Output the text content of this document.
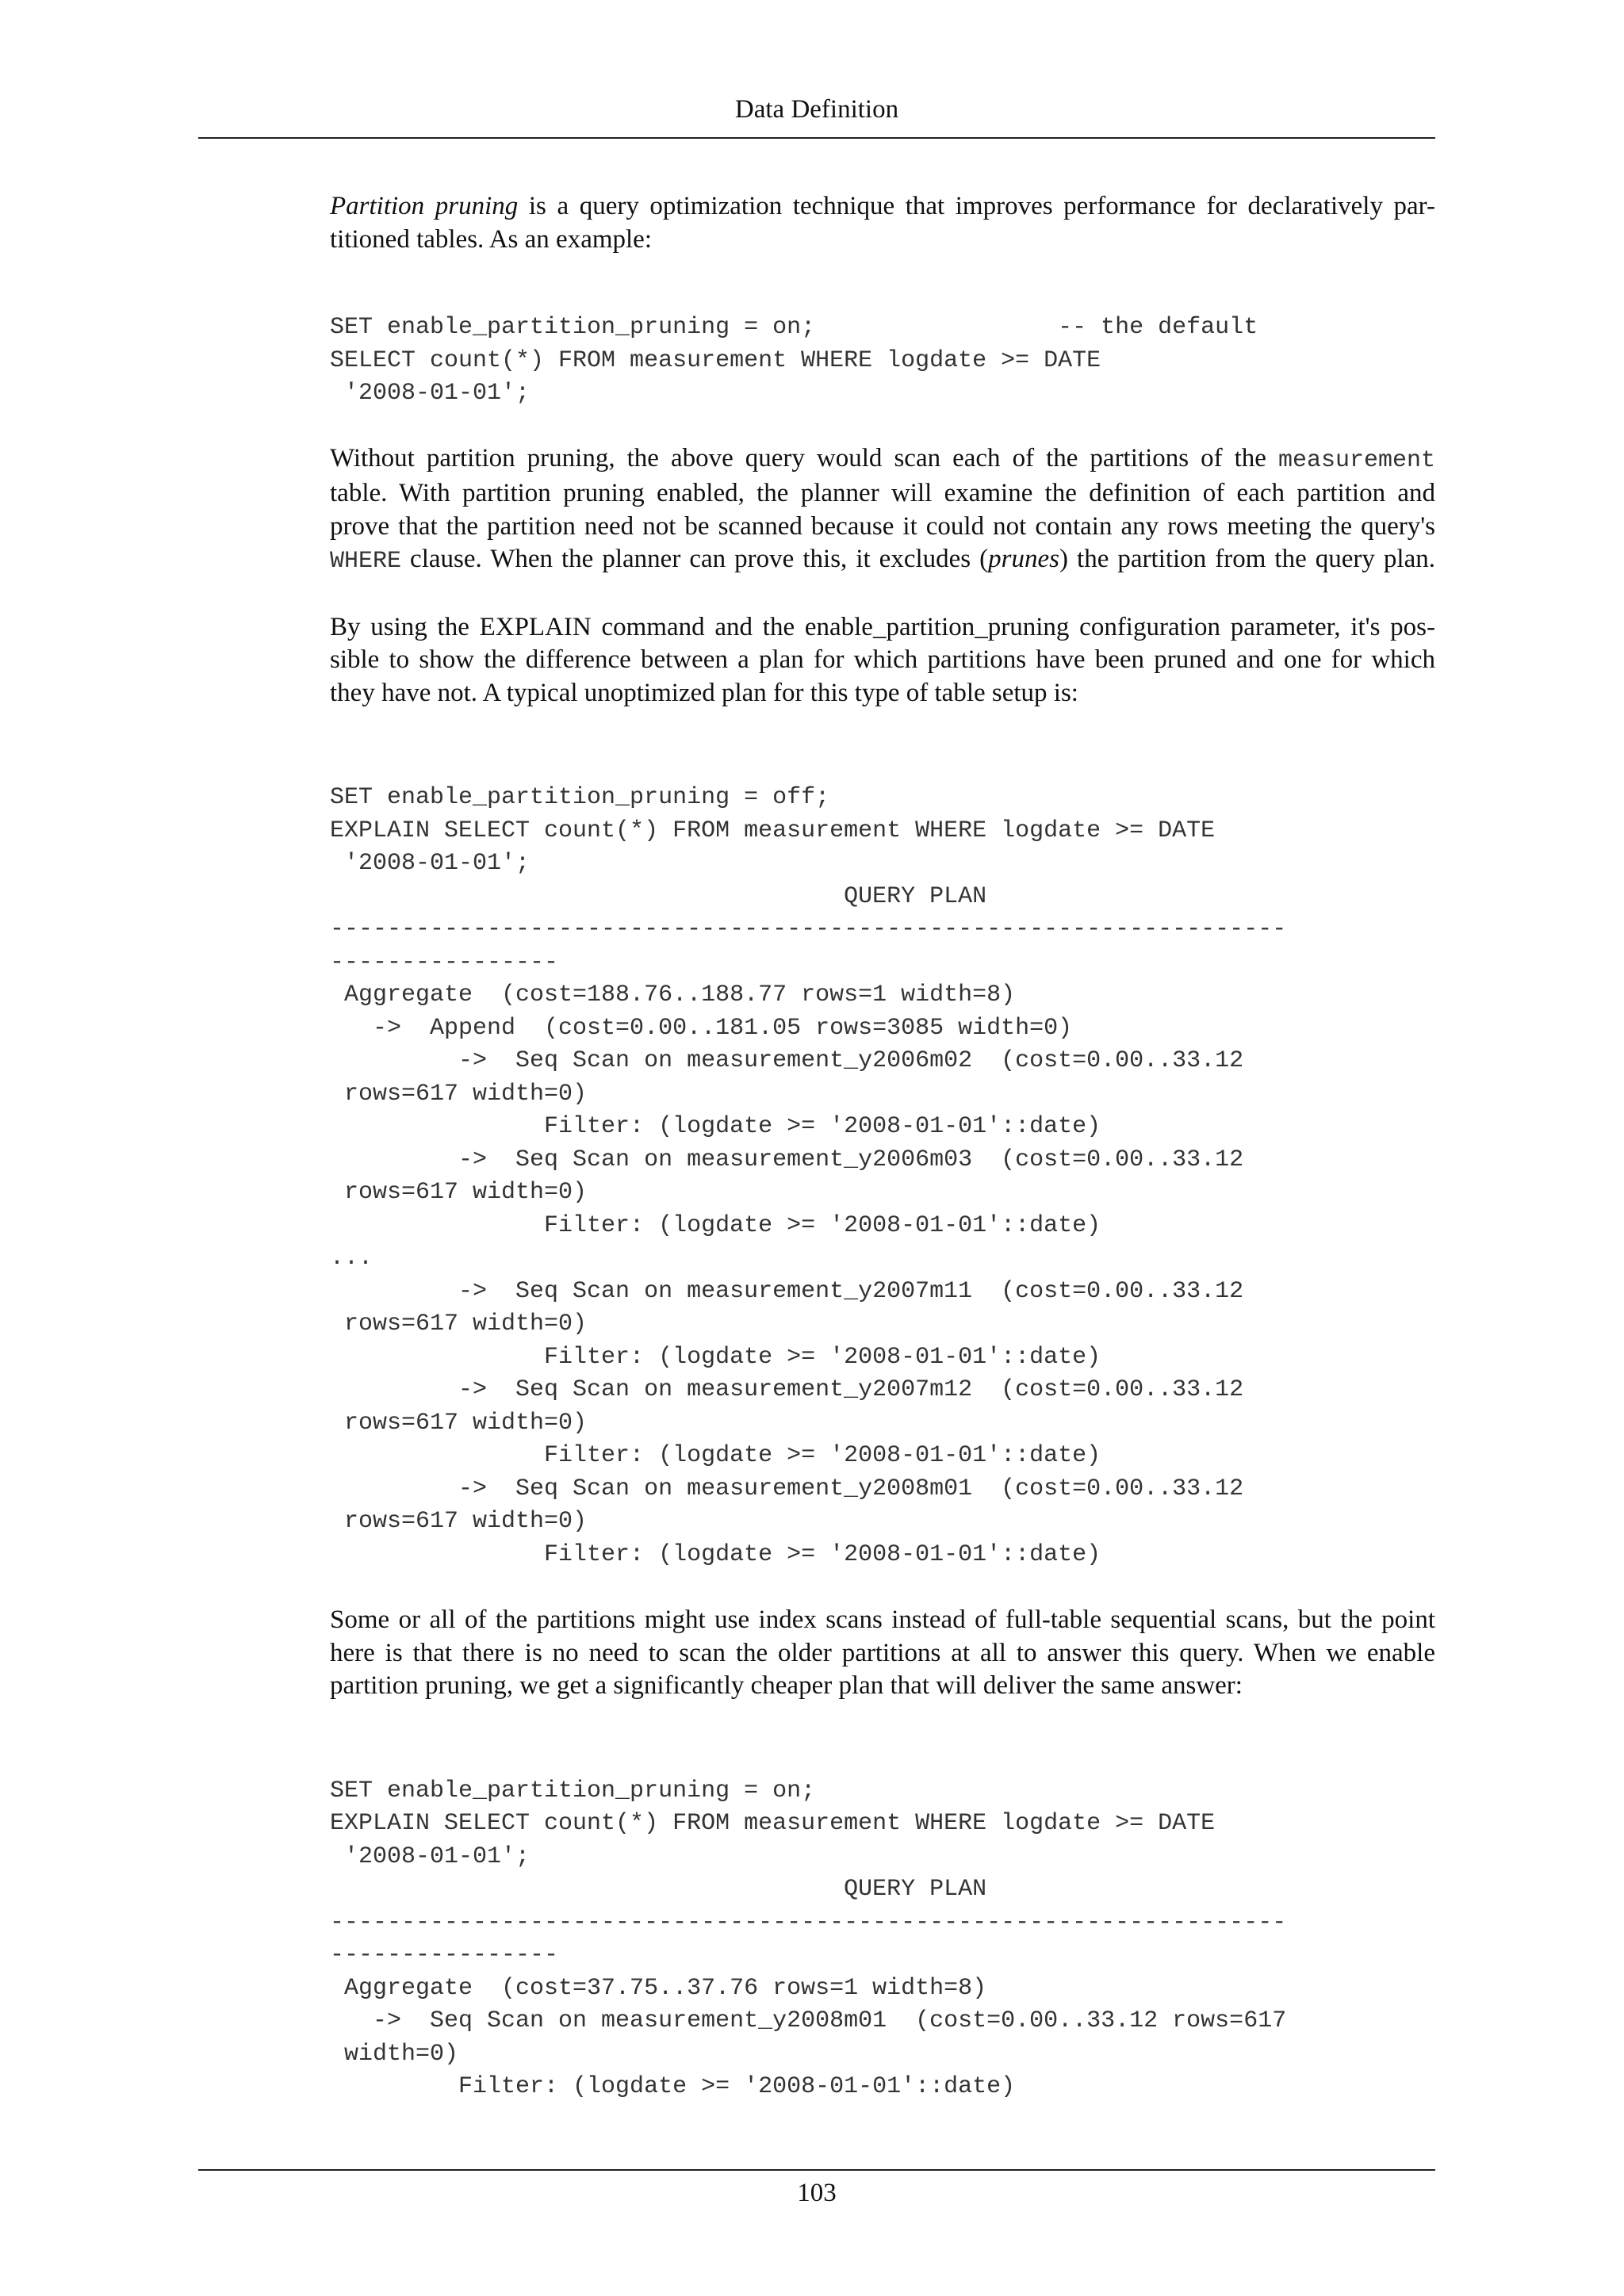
Data Definition

Partition pruning is a query optimization technique that improves performance for declaratively par-
titioned tables. As an example:

SET enable_partition_pruning = on;                 -- the default
SELECT count(*) FROM measurement WHERE logdate >= DATE
'2008-01-01';

Without partition pruning, the above query would scan each of the partitions of the measurement
table. With partition pruning enabled, the planner will examine the definition of each partition and
prove that the partition need not be scanned because it could not contain any rows meeting the query's
WHERE clause. When the planner can prove this, it excludes (prunes) the partition from the query plan.

By using the EXPLAIN command and the enable_partition_pruning configuration parameter, it's pos-
sible to show the difference between a plan for which partitions have been pruned and one for which
they have not. A typical unoptimized plan for this type of table setup is:

SET enable_partition_pruning = off;
EXPLAIN SELECT count(*) FROM measurement WHERE logdate >= DATE
'2008-01-01';
QUERY PLAN
-------------------------------------------------------------------
----------------
Aggregate  (cost=188.76..188.77 rows=1 width=8)
->  Append  (cost=0.00..181.05 rows=3085 width=0)
->  Seq Scan on measurement_y2006m02  (cost=0.00..33.12
rows=617 width=0)
Filter: (logdate >= '2008-01-01'::date)
->  Seq Scan on measurement_y2006m03  (cost=0.00..33.12
rows=617 width=0)
Filter: (logdate >= '2008-01-01'::date)
...
->  Seq Scan on measurement_y2007m11  (cost=0.00..33.12
rows=617 width=0)
Filter: (logdate >= '2008-01-01'::date)
->  Seq Scan on measurement_y2007m12  (cost=0.00..33.12
rows=617 width=0)
Filter: (logdate >= '2008-01-01'::date)
->  Seq Scan on measurement_y2008m01  (cost=0.00..33.12
rows=617 width=0)
Filter: (logdate >= '2008-01-01'::date)

Some or all of the partitions might use index scans instead of full-table sequential scans, but the point
here is that there is no need to scan the older partitions at all to answer this query. When we enable
partition pruning, we get a significantly cheaper plan that will deliver the same answer:

SET enable_partition_pruning = on;
EXPLAIN SELECT count(*) FROM measurement WHERE logdate >= DATE
'2008-01-01';
QUERY PLAN
-------------------------------------------------------------------
----------------
Aggregate  (cost=37.75..37.76 rows=1 width=8)
->  Seq Scan on measurement_y2008m01  (cost=0.00..33.12 rows=617
width=0)
Filter: (logdate >= '2008-01-01'::date)
103
